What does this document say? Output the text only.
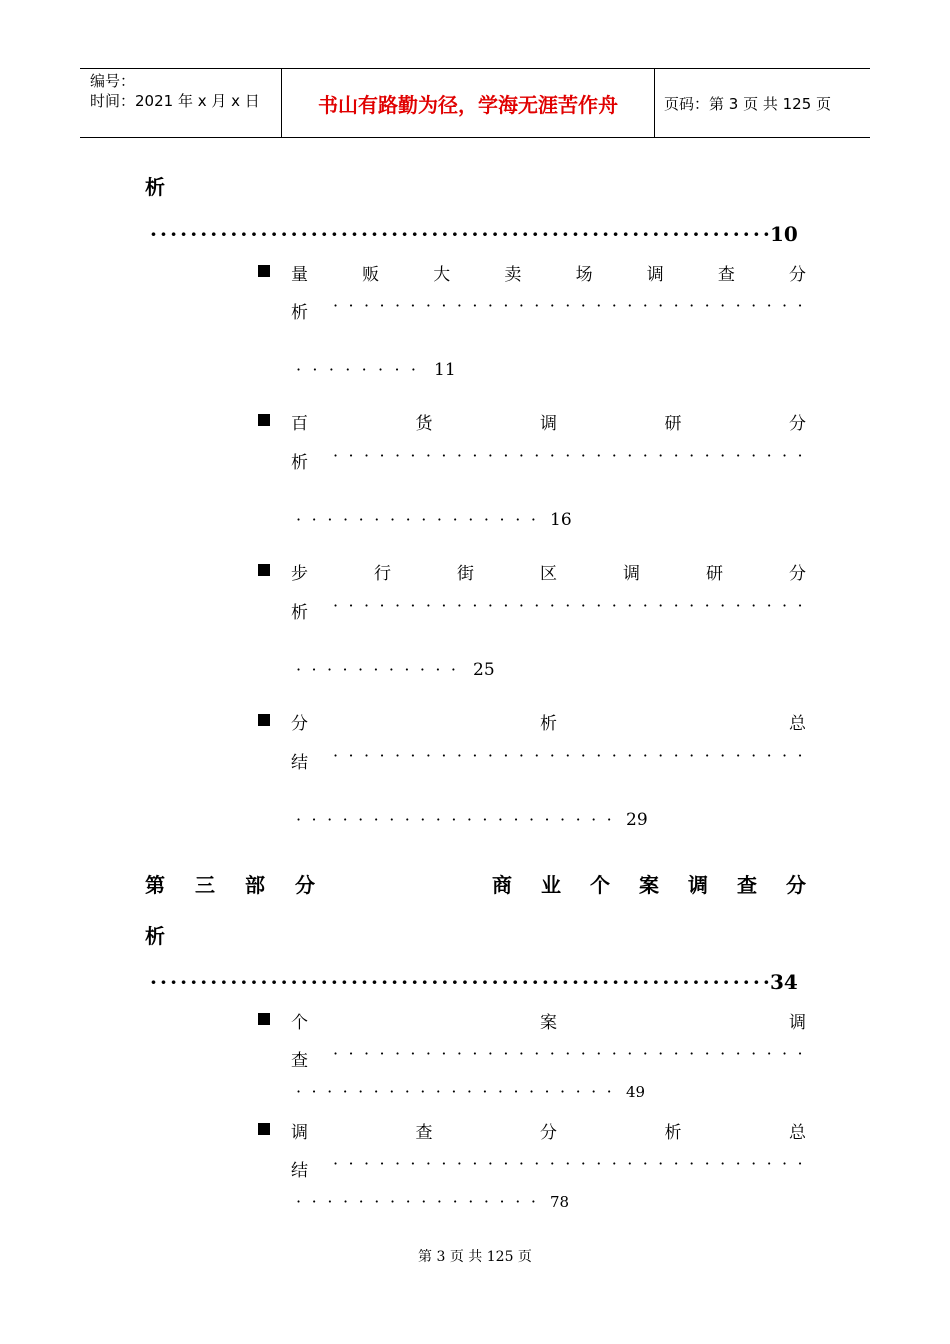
编号：
时间：2021 年 x 月 x 日	书山有路勤为径，学海无涯苦作舟	页码：第 3 页 共 125 页
析
· · · · · · · · · · · · · · · · · · · · · · · · · · · · · · · · · · · · · · · · · · · · · · · · · · · · · · · · · · · · · · 10
量	贩	大	卖	场	调	查	分
析 · · · · · · · · · · · · · · · · · · · · · · · · · · · · · · ·
· · · · · · · · 11
百	货	调	研	分
析 · · · · · · · · · · · · · · · · · · · · · · · · · · · · · · ·
· · · · · · · · · · · · · · · · 16
步	行	街	区	调	研	分
析 · · · · · · · · · · · · · · · · · · · · · · · · · · · · · · ·
· · · · · · · · · · · 25
分	析	总
结 · · · · · · · · · · · · · · · · · · · · · · · · · · · · · · ·
· · · · · · · · · · · · · · · · · · · · · 29
第 三 部 分	商 业 个 案 调 查 分
析
· · · · · · · · · · · · · · · · · · · · · · · · · · · · · · · · · · · · · · · · · · · · · · · · · · · · · · · · · · · · · · 34
个	案	调
查 · · · · · · · · · · · · · · · · · · · · · · · · · · · · · · ·
· · · · · · · · · · · · · · · · · · · · · 49
调	查	分	析	总
结 · · · · · · · · · · · · · · · · · · · · · · · · · · · · · · ·
· · · · · · · · · · · · · · · · 78
第 3 页 共 125 页
